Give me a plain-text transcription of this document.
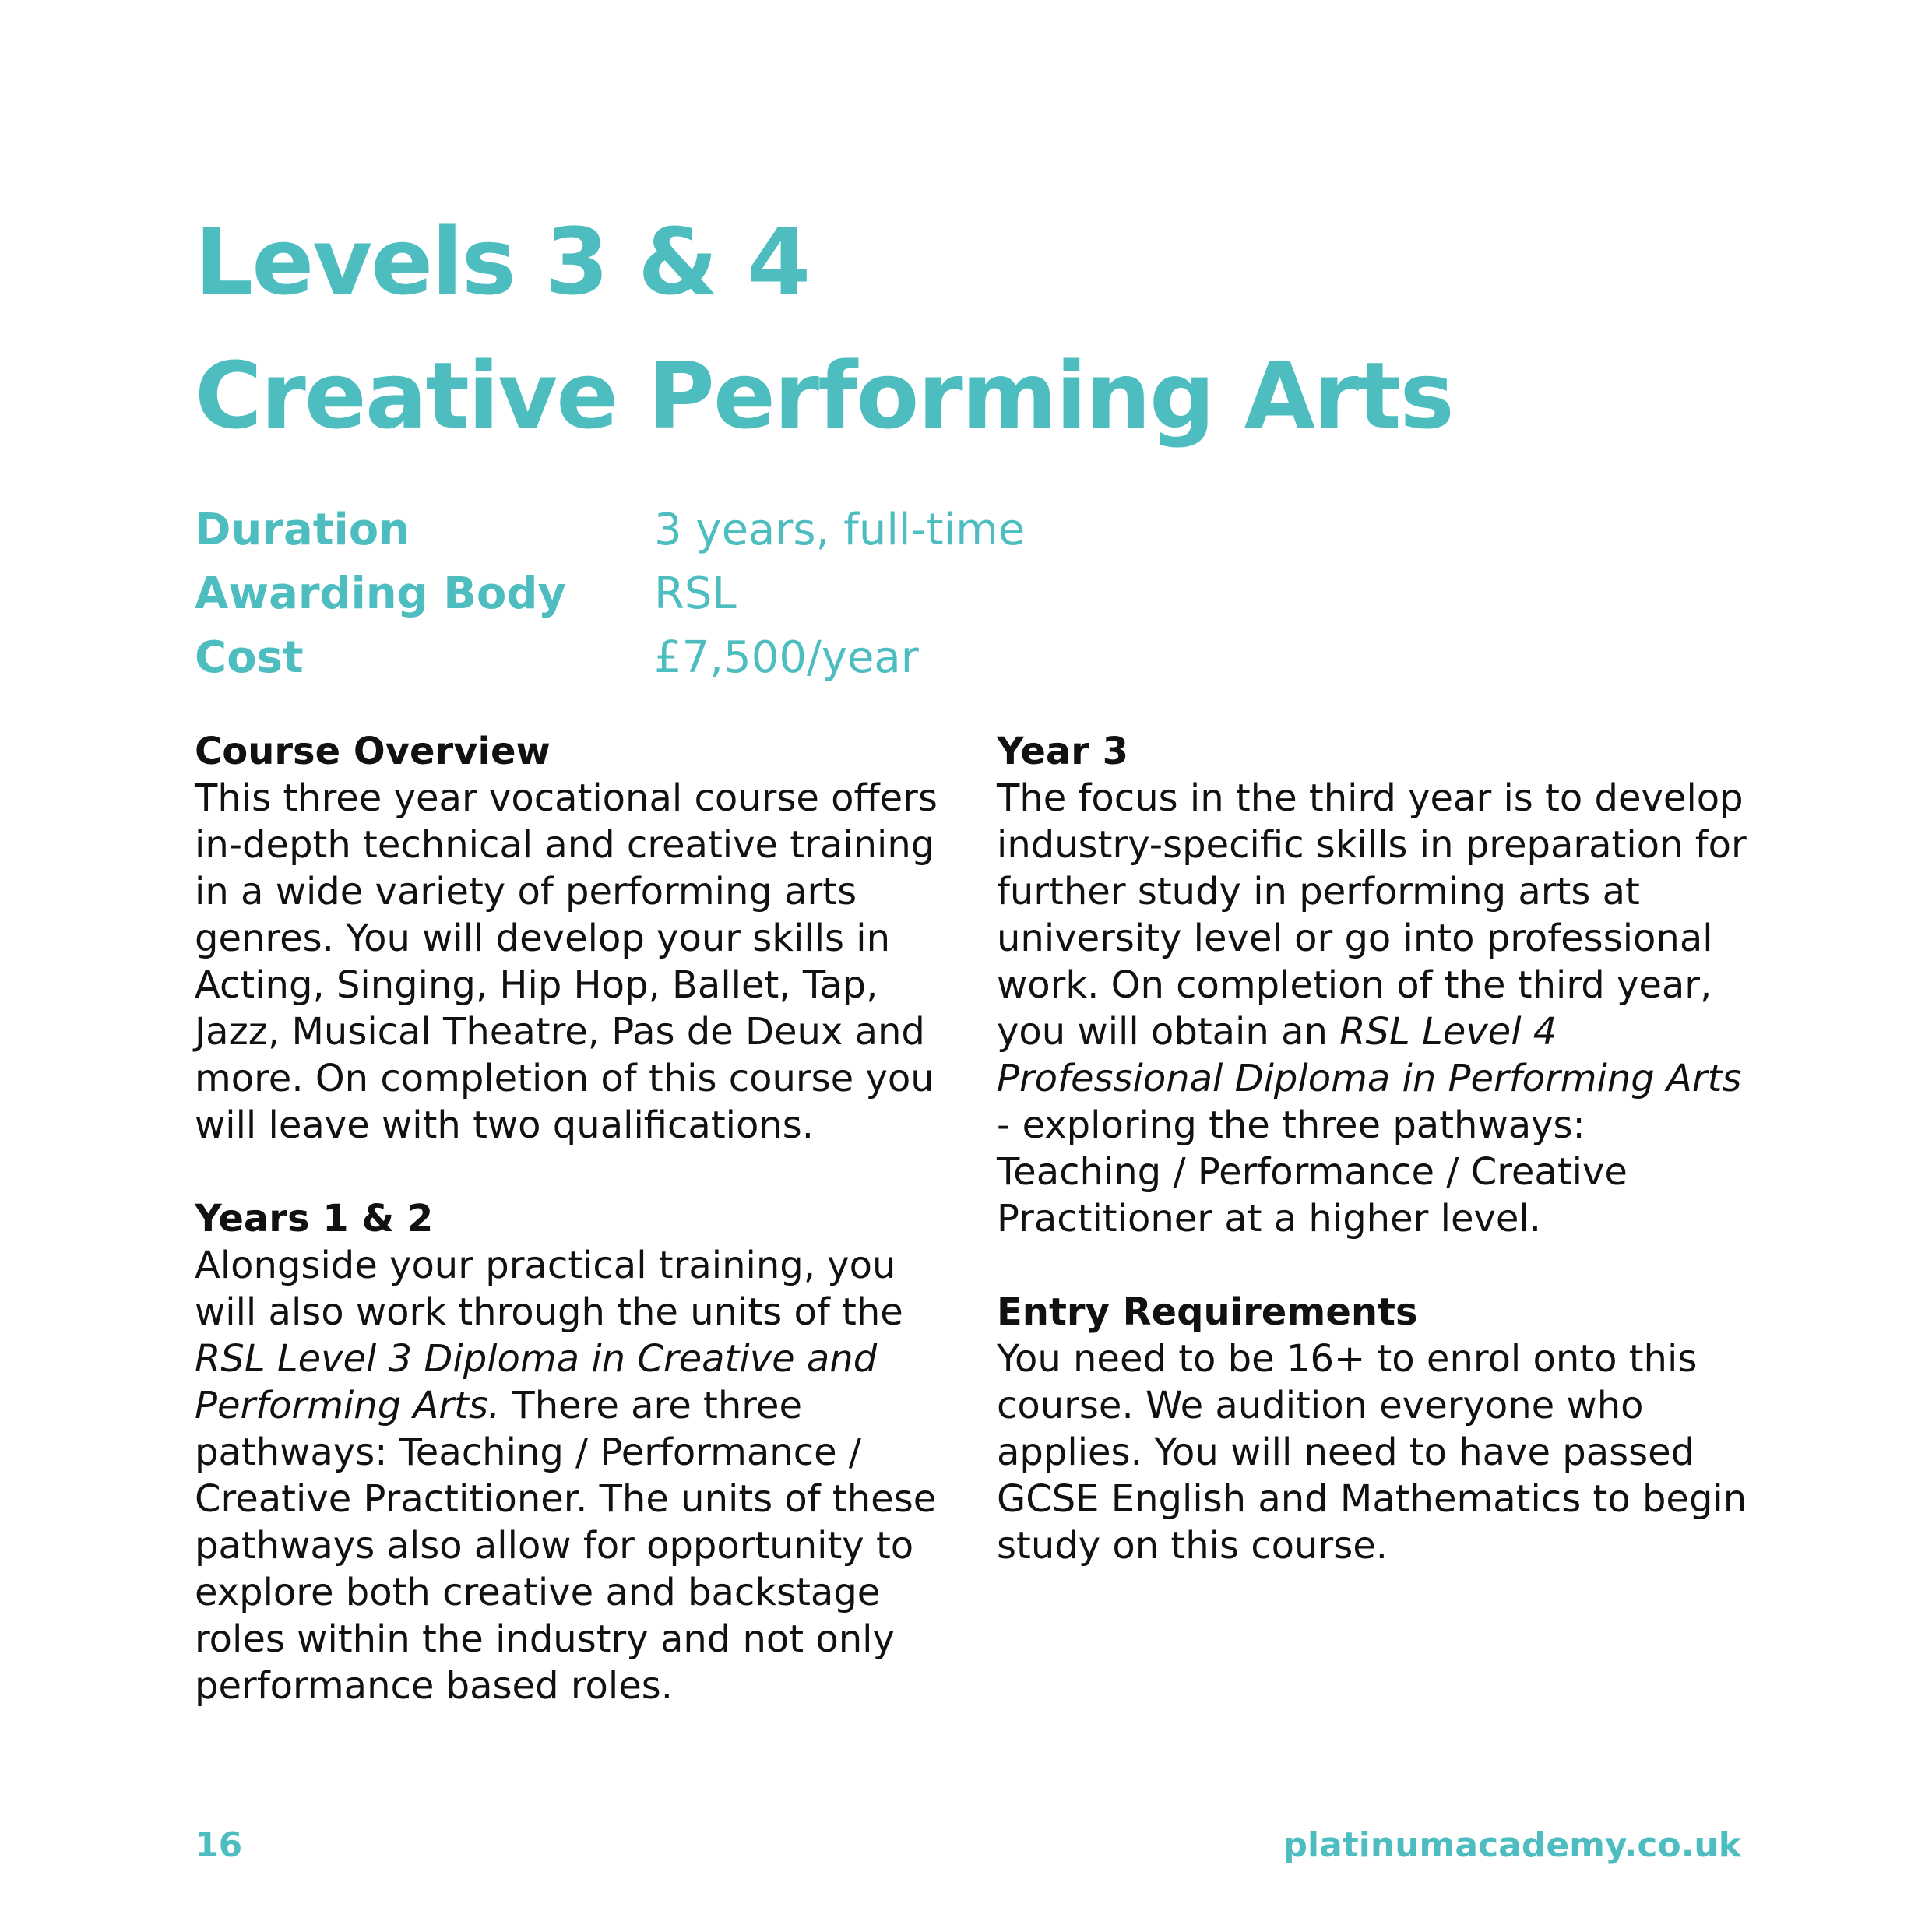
Levels 3 & 4
Creative Performing Arts
Duration	3 years, full-time
Awarding Body	RSL
Cost	£7,500/year
Course Overview

This three year vocational course offers in-depth technical and creative training in a wide variety of performing arts genres. You will develop your skills in Acting, Singing, Hip Hop, Ballet, Tap, Jazz, Musical Theatre, Pas de Deux and more. On completion of this course you will leave with two qualifications.

Years 1 & 2

Alongside your practical training, you will also work through the units of the RSL Level 3 Diploma in Creative and Performing Arts. There are three pathways: Teaching / Performance / Creative Practitioner. The units of these pathways also allow for opportunity to explore both creative and backstage roles within the industry and not only performance based roles.

Year 3

The focus in the third year is to develop industry-specific skills in preparation for further study in performing arts at university level or go into professional work. On completion of the third year, you will obtain an RSL Level 4 Professional Diploma in Performing Arts - exploring the three pathways: Teaching / Performance / Creative Practitioner at a higher level.

Entry Requirements

You need to be 16+ to enrol onto this course. We audition everyone who applies. You will need to have passed GCSE English and Mathematics to begin study on this course.

16	platinumacademy.co.uk
